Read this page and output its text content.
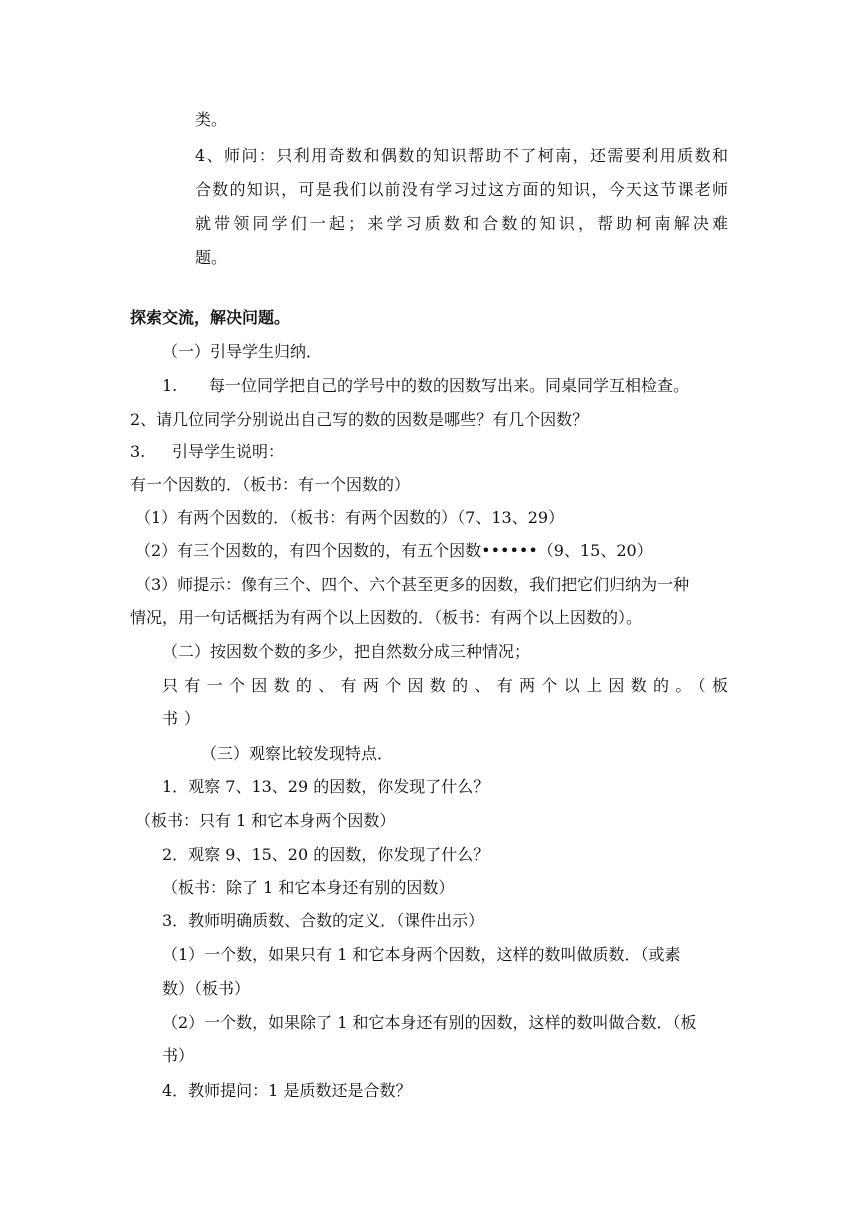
类。
4、师问：只利用奇数和偶数的知识帮助不了柯南，还需要利用质数和
合数的知识，可是我们以前没有学习过这方面的知识，今天这节课老师
就带领同学们一起；来学习质数和合数的知识，帮助柯南解决难
题。
探索交流，解决问题。
（一）引导学生归纳．
1. 每一位同学把自己的学号中的数的因数写出来。同桌同学互相检查。
2、请几位同学分别说出自己写的数的因数是哪些？有几个因数？
3. 引导学生说明：
有一个因数的．（板书：有一个因数的）
（1）有两个因数的．（板书：有两个因数的）（7、13、29）
（2）有三个因数的，有四个因数的，有五个因数••••••（9、15、20）
（3）师提示：像有三个、四个、六个甚至更多的因数，我们把它们归纳为一种
情况，用一句话概括为有两个以上因数的．（板书：有两个以上因数的）。
（二）按因数个数的多少，把自然数分成三种情况；
只有一个因数的、有两个因数的、有两个以上因数的。（板
书）
（三）观察比较发现特点．
1．观察 7、13、29 的因数，你发现了什么？
（板书：只有 1 和它本身两个因数）
2．观察 9、15、20 的因数，你发现了什么？
（板书：除了 1 和它本身还有别的因数）
3．教师明确质数、合数的定义．（课件出示）
（1）一个数，如果只有 1 和它本身两个因数，这样的数叫做质数．（或素
数）（板书）
（2）一个数，如果除了 1 和它本身还有别的因数，这样的数叫做合数．（板
书）
4．教师提问：1 是质数还是合数？
